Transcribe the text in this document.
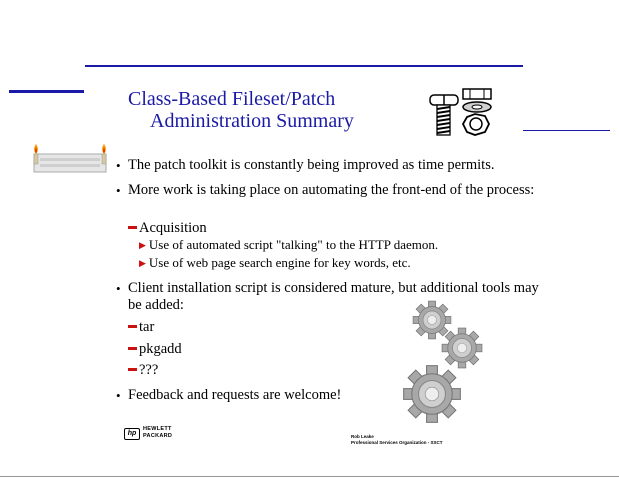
Class-Based Fileset/Patch
Administration Summary
• The patch toolkit is constantly being improved as time permits.
• More work is taking place on automating the front-end of the process:
Acquisition
▶ Use of automated script "talking" to the HTTP daemon.
▶ Use of web page search engine for key words, etc.
• Client installation script is considered mature, but additional tools may be added:
tar
pkgadd
???
• Feedback and requests are welcome!
hp
HEWLETT
PACKARD	Rob Leake
Professional Services Organization - SSCT
